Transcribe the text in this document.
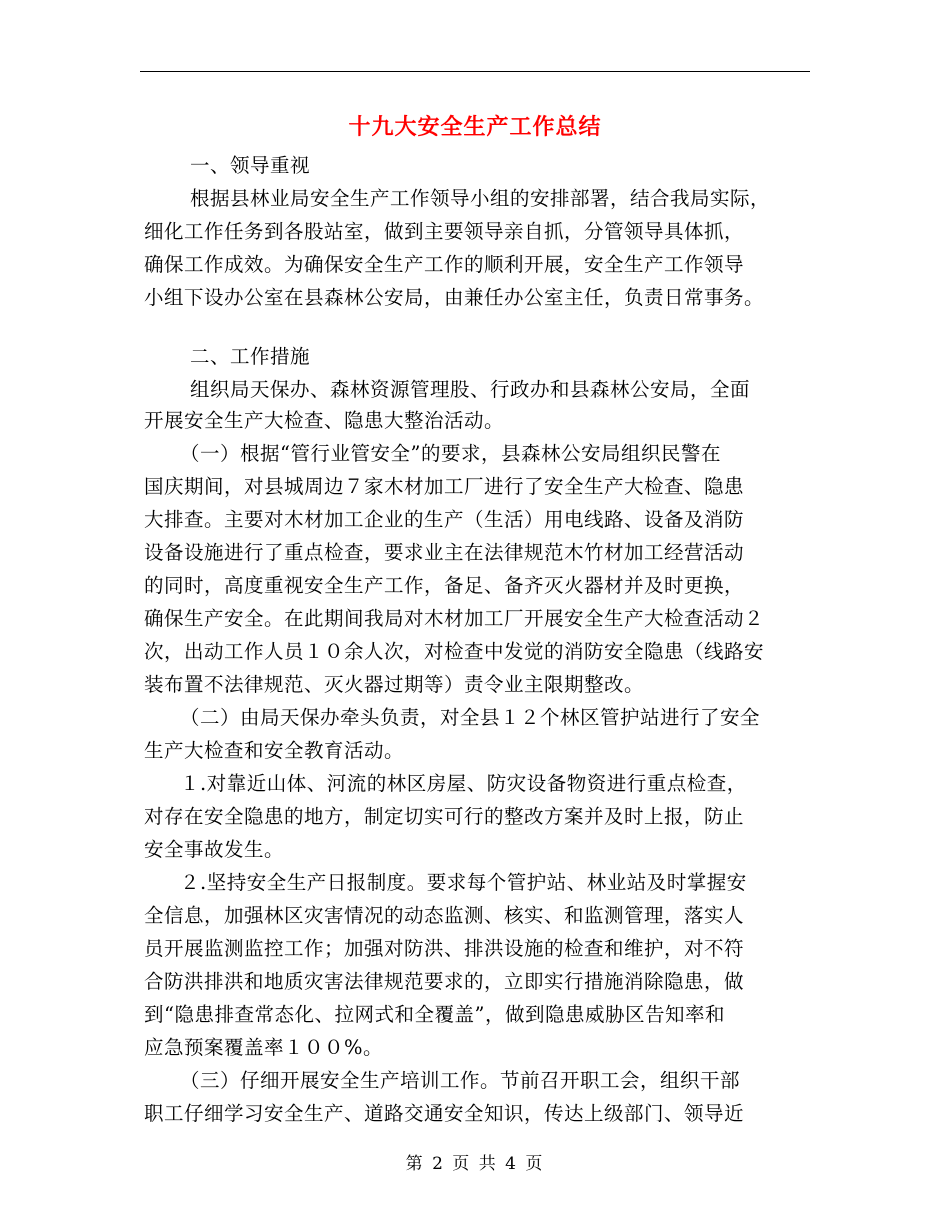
十九大安全生产工作总结
一、领导重视
根据县林业局安全生产工作领导小组的安排部署，结合我局实际，
细化工作任务到各股站室，做到主要领导亲自抓，分管领导具体抓，
确保工作成效。为确保安全生产工作的顺利开展，安全生产工作领导
小组下设办公室在县森林公安局，由兼任办公室主任，负责日常事务。
二、工作措施
组织局天保办、森林资源管理股、行政办和县森林公安局，全面
开展安全生产大检查、隐患大整治活动。
（一）根据“管行业管安全”的要求，县森林公安局组织民警在
国庆期间，对县城周边７家木材加工厂进行了安全生产大检查、隐患
大排查。主要对木材加工企业的生产（生活）用电线路、设备及消防
设备设施进行了重点检查，要求业主在法律规范木竹材加工经营活动
的同时，高度重视安全生产工作，备足、备齐灭火器材并及时更换，
确保生产安全。在此期间我局对木材加工厂开展安全生产大检查活动２
次，出动工作人员１０余人次，对检查中发觉的消防安全隐患（线路安
装布置不法律规范、灭火器过期等）责令业主限期整改。
（二）由局天保办牵头负责，对全县１２个林区管护站进行了安全
生产大检查和安全教育活动。
１.对靠近山体、河流的林区房屋、防灾设备物资进行重点检查，
对存在安全隐患的地方，制定切实可行的整改方案并及时上报，防止
安全事故发生。
２.坚持安全生产日报制度。要求每个管护站、林业站及时掌握安
全信息，加强林区灾害情况的动态监测、核实、和监测管理，落实人
员开展监测监控工作；加强对防洪、排洪设施的检查和维护，对不符
合防洪排洪和地质灾害法律规范要求的，立即实行措施消除隐患，做
到“隐患排查常态化、拉网式和全覆盖”，做到隐患威胁区告知率和
应急预案覆盖率１００%。
（三）仔细开展安全生产培训工作。节前召开职工会，组织干部
职工仔细学习安全生产、道路交通安全知识，传达上级部门、领导近
第 2 页 共 4 页
